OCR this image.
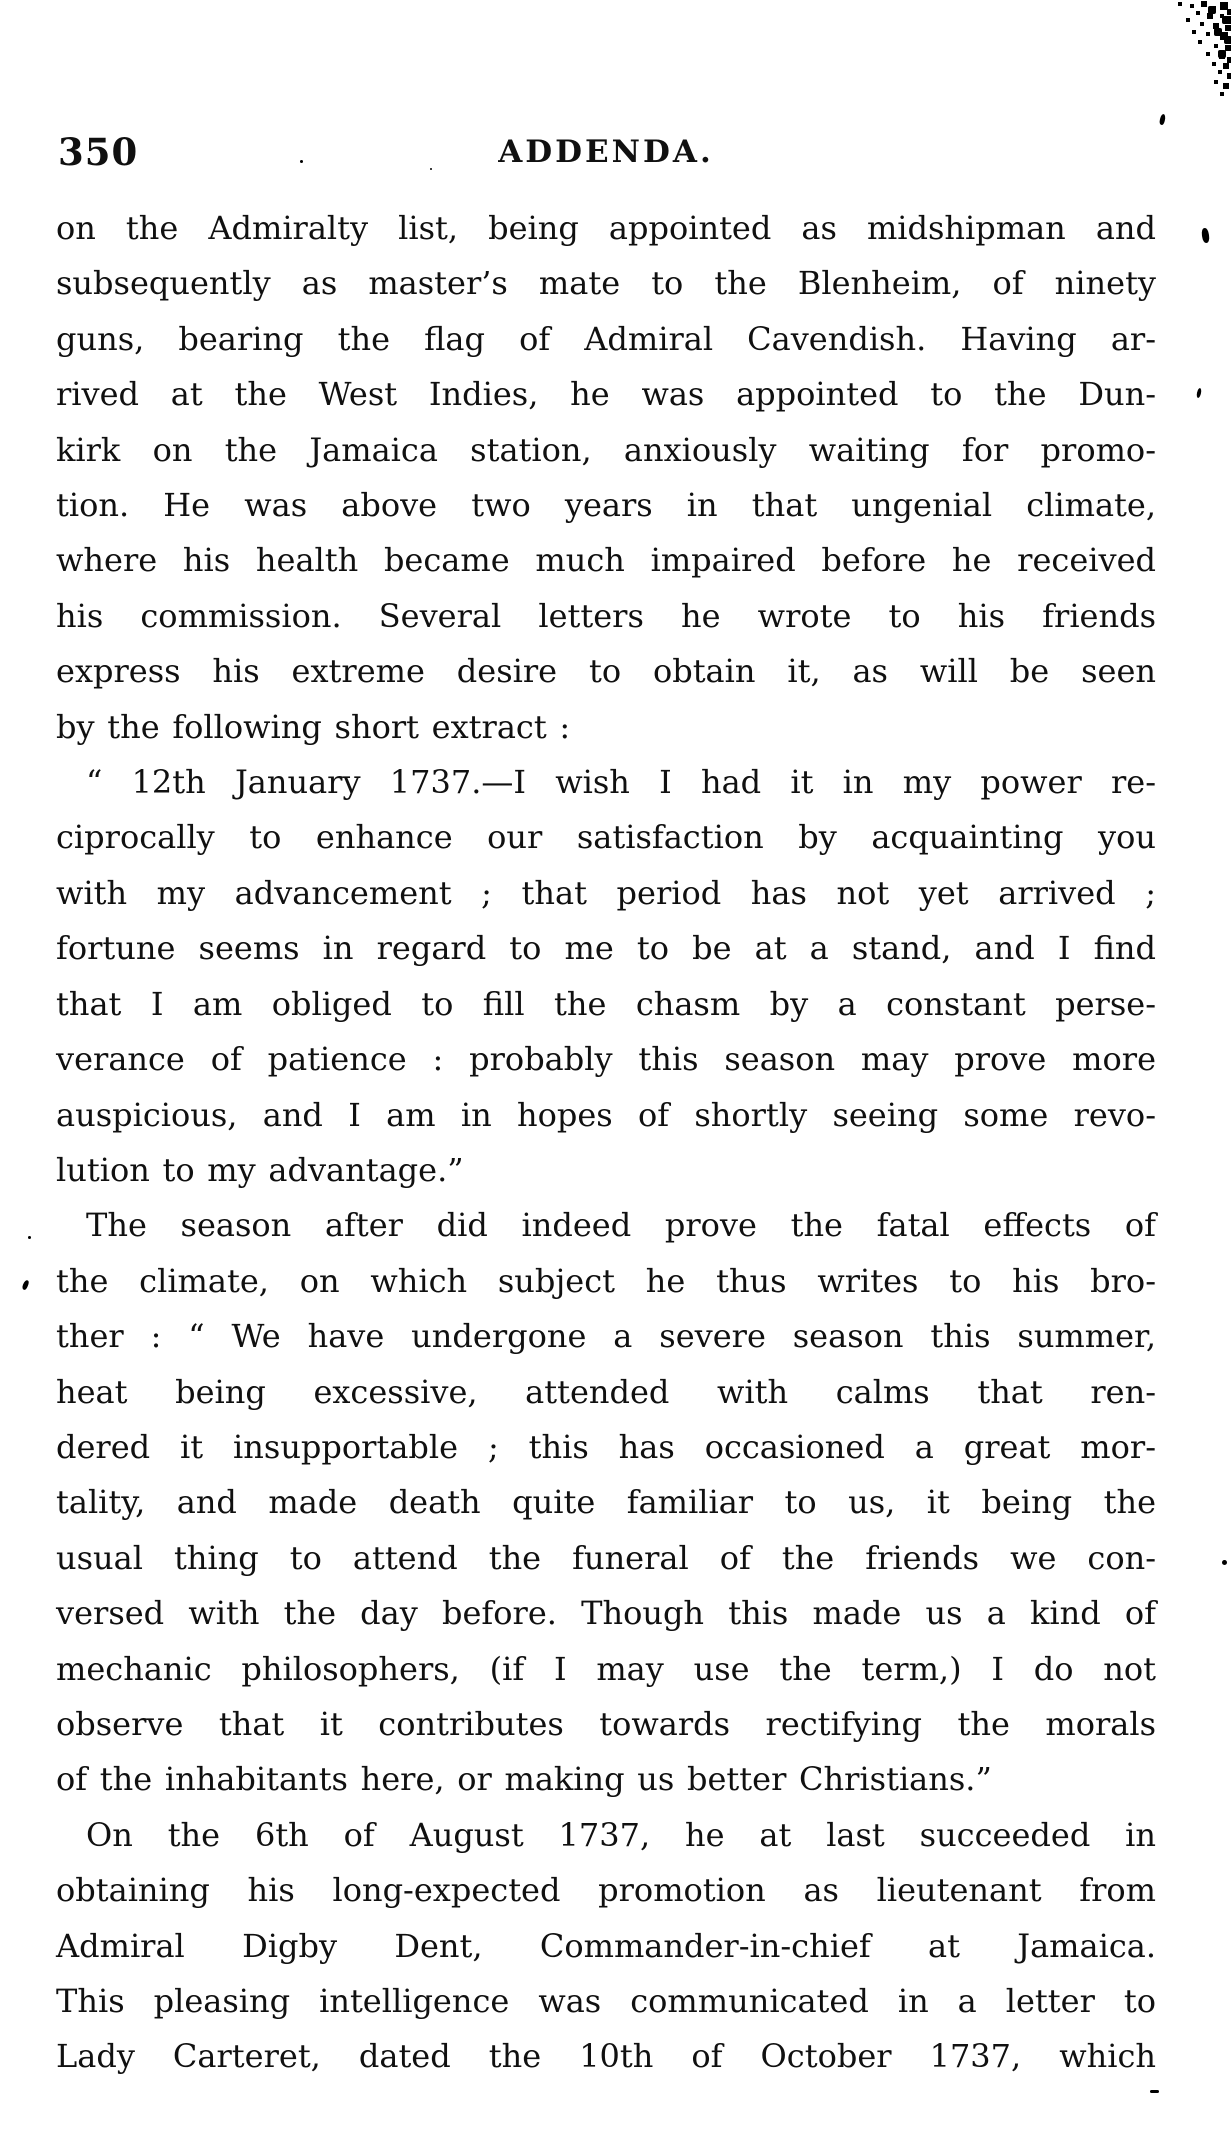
350	ADDENDA.
on the Admiralty list, being appointed as midshipman and
subsequently as master’s mate to the Blenheim, of ninety
guns, bearing the flag of Admiral Cavendish. Having ar-
rived at the West Indies, he was appointed to the Dun-
kirk on the Jamaica station, anxiously waiting for promo-
tion. He was above two years in that ungenial climate,
where his health became much impaired before he received
his commission. Several letters he wrote to his friends
express his extreme desire to obtain it, as will be seen
by the following short extract :
“ 12th January 1737.—I wish I had it in my power re-
ciprocally to enhance our satisfaction by acquainting you
with my advancement ; that period has not yet arrived ;
fortune seems in regard to me to be at a stand, and I find
that I am obliged to fill the chasm by a constant perse-
verance of patience : probably this season may prove more
auspicious, and I am in hopes of shortly seeing some revo-
lution to my advantage.”
The season after did indeed prove the fatal effects of
the climate, on which subject he thus writes to his bro-
ther : “ We have undergone a severe season this summer,
heat being excessive, attended with calms that ren-
dered it insupportable ; this has occasioned a great mor-
tality, and made death quite familiar to us, it being the
usual thing to attend the funeral of the friends we con-
versed with the day before. Though this made us a kind of
mechanic philosophers, (if I may use the term,) I do not
observe that it contributes towards rectifying the morals
of the inhabitants here, or making us better Christians.”
On the 6th of August 1737, he at last succeeded in
obtaining his long-expected promotion as lieutenant from
Admiral Digby Dent, Commander-in-chief at Jamaica.
This pleasing intelligence was communicated in a letter to
Lady Carteret, dated the 10th of October 1737, which
